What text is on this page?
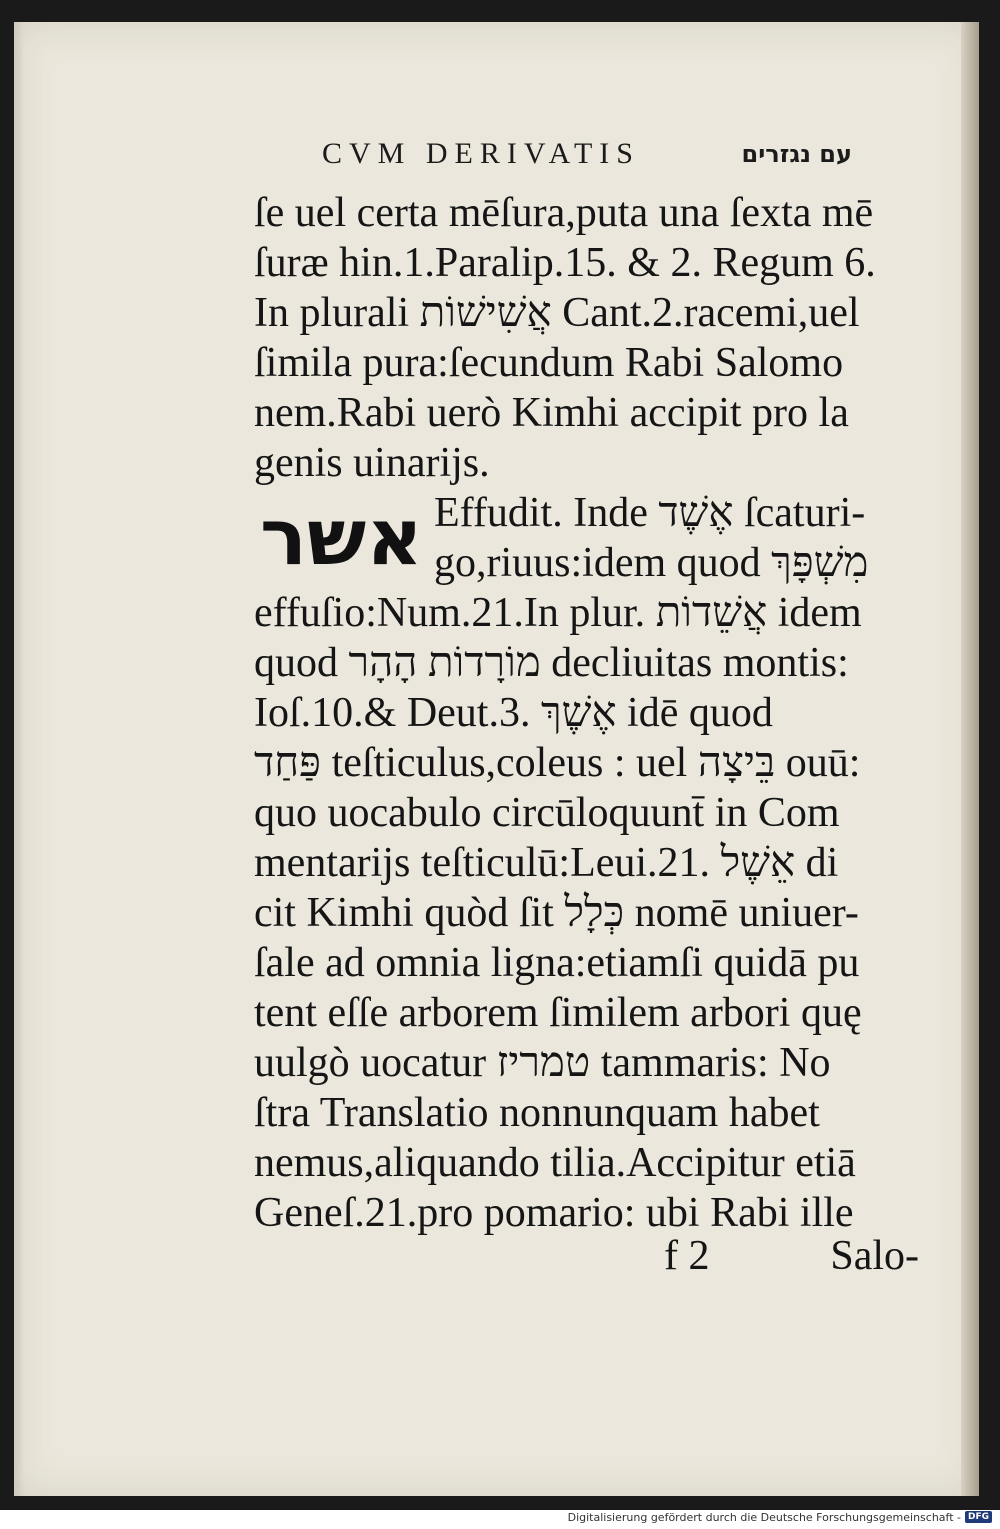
CVM DERIVATIS	עם נגזרים
ſe uel certa mēſura,puta una ſexta mē
ſuræ hin.1.Paralip.15. & 2. Regum 6.
In plurali אֲשִׁישׁוֹת Cant.2.racemi,uel
ſimila pura:ſecundum Rabi Salomo
nem.Rabi uerò Kimhi accipit pro la
genis uinarijs.
אשר Effudit. Inde אֶשֶׁד ſcaturi-
go,riuus:idem quod מִשְׁפָּךְ
effuſio:Num.21.In plur. אֲשֵׁדוֹת idem
quod מוֹרָדוֹת הָהָר decliuitas montis:
Ioſ.10.& Deut.3. אֶשֶׁךְ idē quod
פַּחַד teſticulus,coleus : uel בֵּיצָה ouū:
quo uocabulo circūloquunt̄ in Com
mentarijs teſticulū:Leui.21. אֵשֶׁל di
cit Kimhi quòd ſit כְּלָל nomē uniuer-
ſale ad omnia ligna:etiamſi quidā pu
tent eſſe arborem ſimilem arbori quę
uulgò uocatur טמריז tammaris: No
ſtra Translatio nonnunquam habet
nemus,aliquando tilia.Accipitur etiā
Geneſ.21.pro pomario: ubi Rabi ille
f 2	Salo-
Digitalisierung gefördert durch die Deutsche Forschungsgemeinschaft - DFG
